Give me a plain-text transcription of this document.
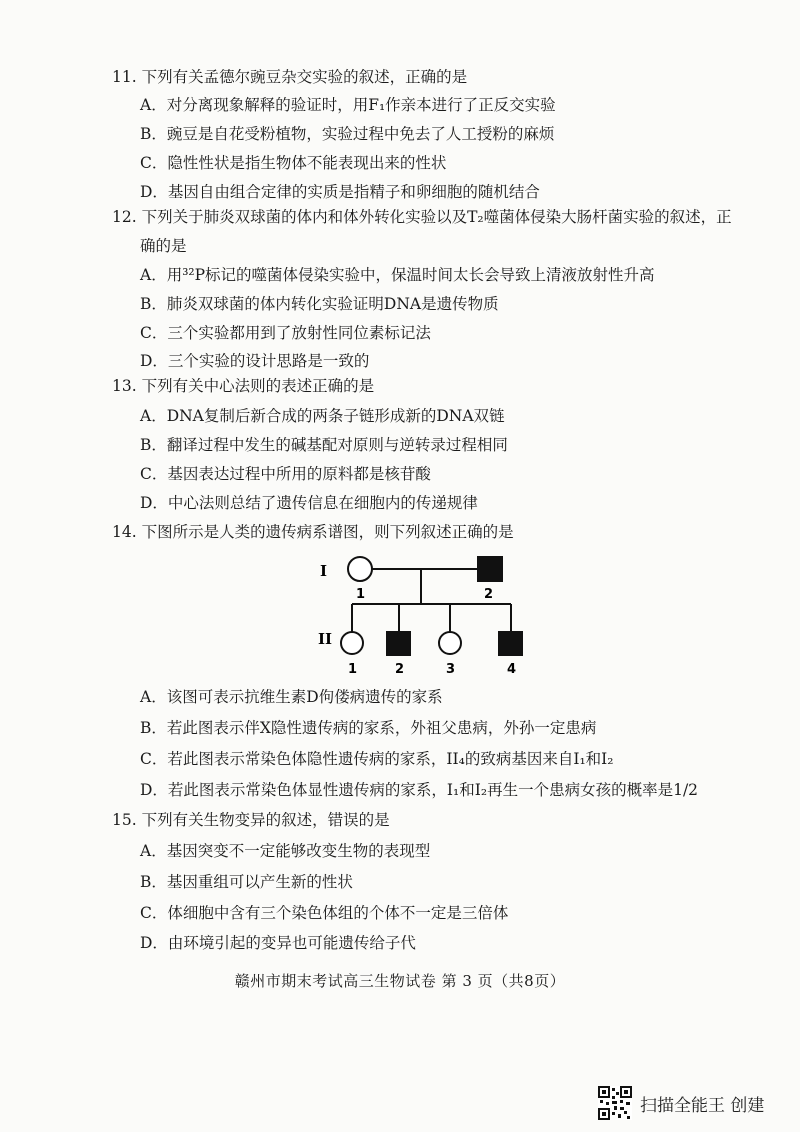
11. 下列有关孟德尔豌豆杂交实验的叙述，正确的是
A．对分离现象解释的验证时，用F₁作亲本进行了正反交实验
B．豌豆是自花受粉植物，实验过程中免去了人工授粉的麻烦
C．隐性性状是指生物体不能表现出来的性状
D．基因自由组合定律的实质是指精子和卵细胞的随机结合
12. 下列关于肺炎双球菌的体内和体外转化实验以及T₂噬菌体侵染大肠杆菌实验的叙述，正
确的是
A．用³²P标记的噬菌体侵染实验中，保温时间太长会导致上清液放射性升高
B．肺炎双球菌的体内转化实验证明DNA是遗传物质
C．三个实验都用到了放射性同位素标记法
D．三个实验的设计思路是一致的
13. 下列有关中心法则的表述正确的是
A．DNA复制后新合成的两条子链形成新的DNA双链
B．翻译过程中发生的碱基配对原则与逆转录过程相同
C．基因表达过程中所用的原料都是核苷酸
D．中心法则总结了遗传信息在细胞内的传递规律
14. 下图所示是人类的遗传病系谱图，则下列叙述正确的是
I
II
1	2
1	2	3	4
A．该图可表示抗维生素D佝偻病遗传的家系
B．若此图表示伴X隐性遗传病的家系，外祖父患病，外孙一定患病
C．若此图表示常染色体隐性遗传病的家系，II₄的致病基因来自I₁和I₂
D．若此图表示常染色体显性遗传病的家系，I₁和I₂再生一个患病女孩的概率是1/2
15. 下列有关生物变异的叙述，错误的是
A．基因突变不一定能够改变生物的表现型
B．基因重组可以产生新的性状
C．体细胞中含有三个染色体组的个体不一定是三倍体
D．由环境引起的变异也可能遗传给子代
赣州市期末考试高三生物试卷 第 3 页（共8页）
扫描全能王 创建
